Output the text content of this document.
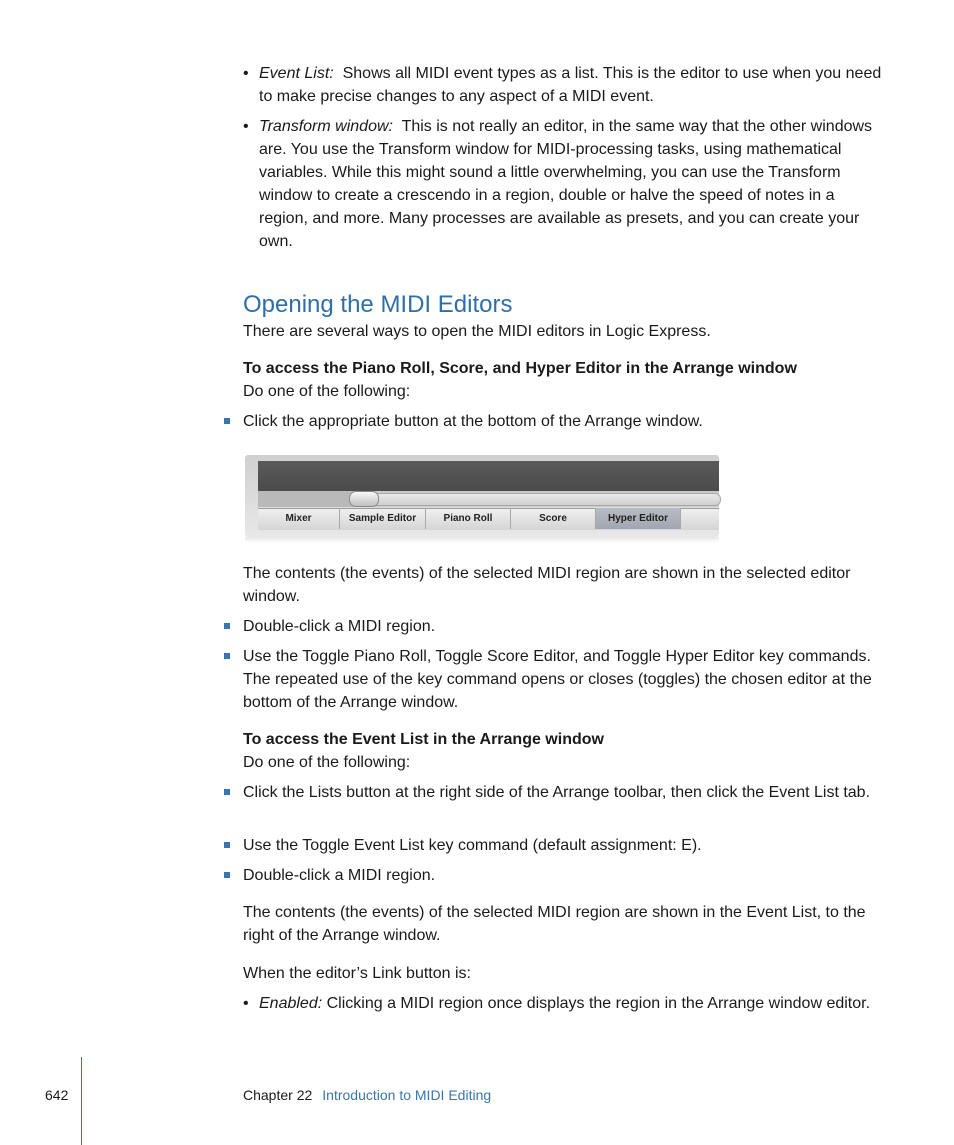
• Event List: Shows all MIDI event types as a list. This is the editor to use when you need to make precise changes to any aspect of a MIDI event.
• Transform window: This is not really an editor, in the same way that the other windows are. You use the Transform window for MIDI-processing tasks, using mathematical variables. While this might sound a little overwhelming, you can use the Transform window to create a crescendo in a region, double or halve the speed of notes in a region, and more. Many processes are available as presets, and you can create your own.
Opening the MIDI Editors
There are several ways to open the MIDI editors in Logic Express.
To access the Piano Roll, Score, and Hyper Editor in the Arrange window
Do one of the following:
Click the appropriate button at the bottom of the Arrange window.
Mixer	Sample Editor	Piano Roll	Score	Hyper Editor
The contents (the events) of the selected MIDI region are shown in the selected editor window.
Double-click a MIDI region.
Use the Toggle Piano Roll, Toggle Score Editor, and Toggle Hyper Editor key commands. The repeated use of the key command opens or closes (toggles) the chosen editor at the bottom of the Arrange window.
To access the Event List in the Arrange window
Do one of the following:
Click the Lists button at the right side of the Arrange toolbar, then click the Event List tab.
Use the Toggle Event List key command (default assignment: E).
Double-click a MIDI region.
The contents (the events) of the selected MIDI region are shown in the Event List, to the right of the Arrange window.
When the editor’s Link button is:
• Enabled: Clicking a MIDI region once displays the region in the Arrange window editor.
642	Chapter 22 Introduction to MIDI Editing
